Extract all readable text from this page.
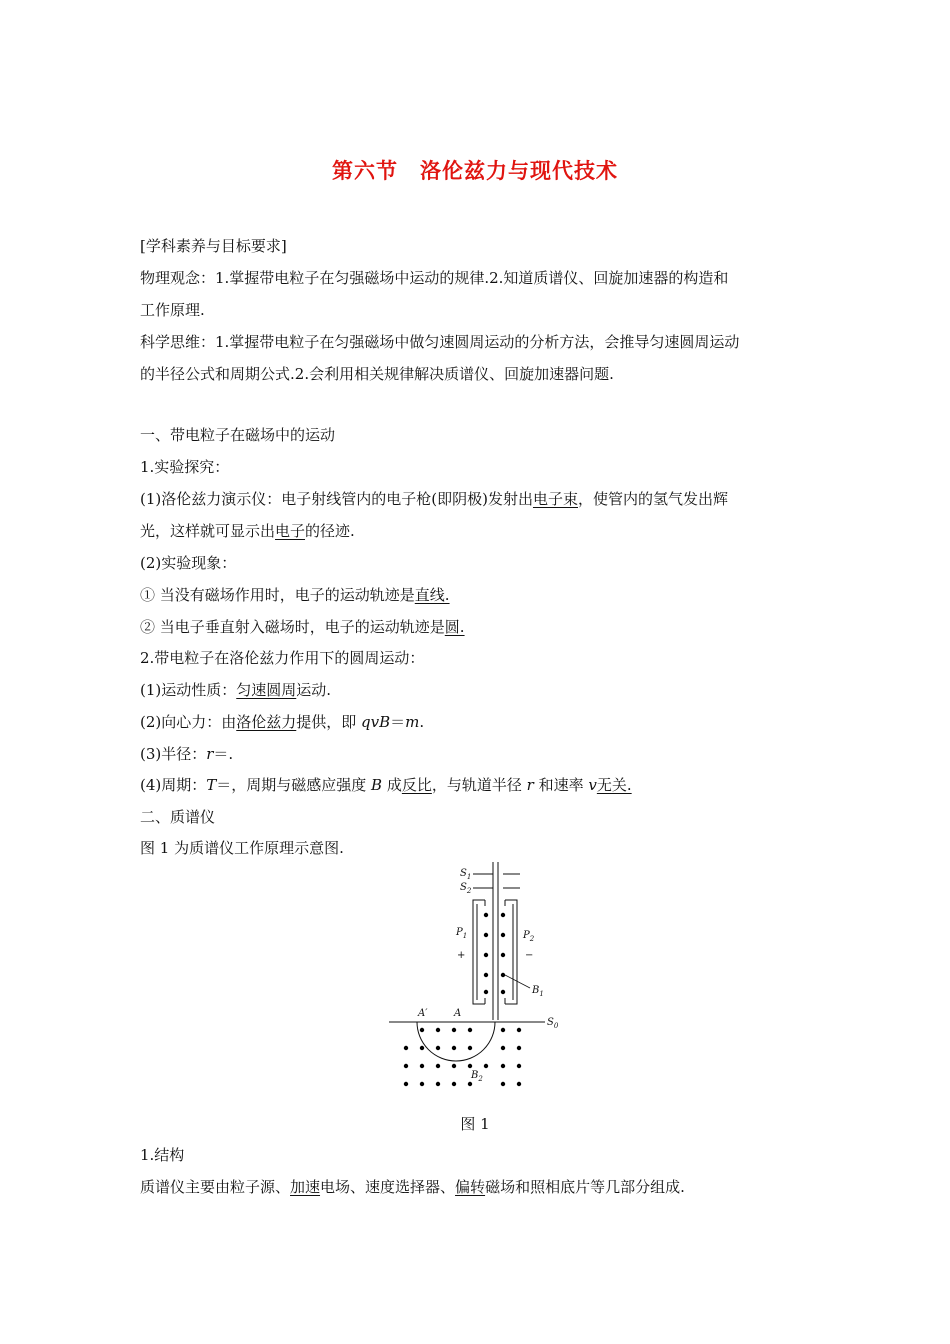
第六节　洛伦兹力与现代技术
[学科素养与目标要求]
物理观念：1.掌握带电粒子在匀强磁场中运动的规律.2.知道质谱仪、回旋加速器的构造和
工作原理.
科学思维：1.掌握带电粒子在匀强磁场中做匀速圆周运动的分析方法，会推导匀速圆周运动
的半径公式和周期公式.2.会利用相关规律解决质谱仪、回旋加速器问题.
一、带电粒子在磁场中的运动
1.实验探究：
(1)洛伦兹力演示仪：电子射线管内的电子枪(即阴极)发射出电子束，使管内的氢气发出辉
光，这样就可显示出电子的径迹.
(2)实验现象：
① 当没有磁场作用时，电子的运动轨迹是直线.
② 当电子垂直射入磁场时，电子的运动轨迹是圆.
2.带电粒子在洛伦兹力作用下的圆周运动：
(1)运动性质：匀速圆周运动.
(2)向心力：由洛伦兹力提供，即 qvB＝m.
(3)半径：r＝.
(4)周期：T＝，周期与磁感应强度 B 成反比，与轨道半径 r 和速率 v无关.
二、质谱仪
图 1 为质谱仪工作原理示意图.
$S_1$
$S_2$
$P_1$	$P_2$
+	−
$B_1$
A′	A
$S_0$
$B_2$
图 1
1.结构
质谱仪主要由粒子源、加速电场、速度选择器、偏转磁场和照相底片等几部分组成.
